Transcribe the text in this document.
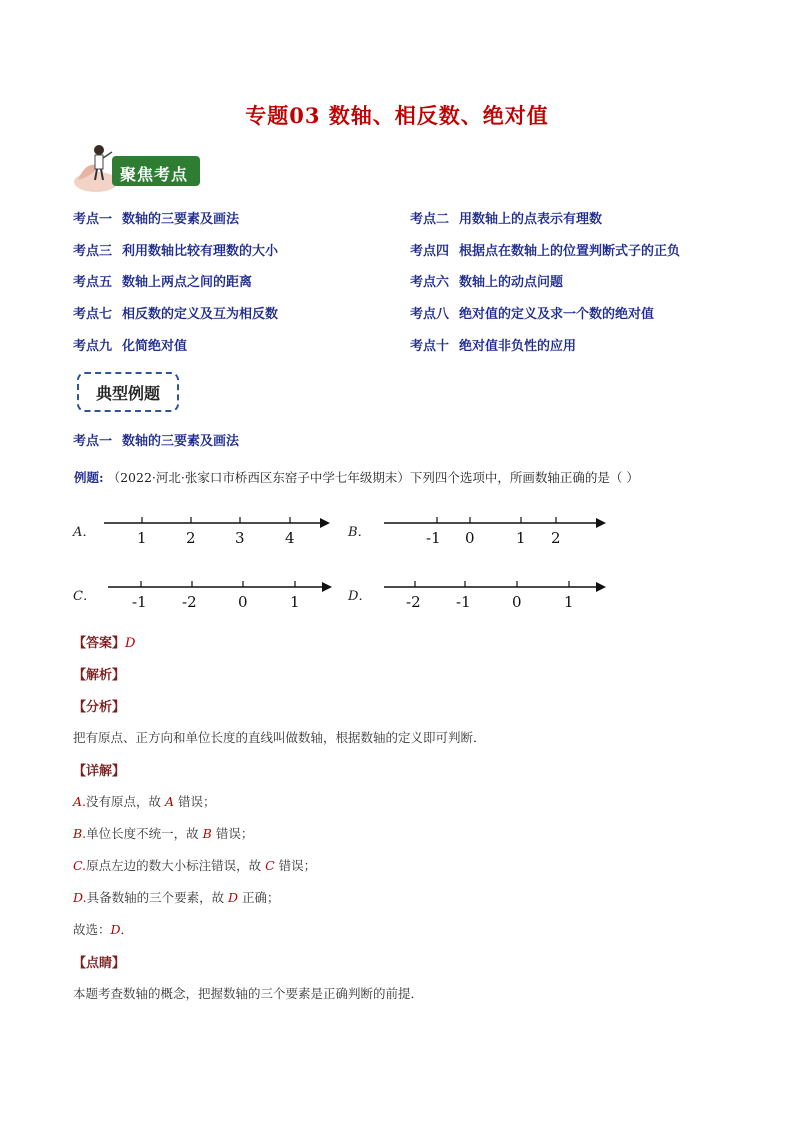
专题03 数轴、相反数、绝对值
聚焦考点
考点一 数轴的三要素及画法	考点二 用数轴上的点表示有理数
考点三 利用数轴比较有理数的大小	考点四 根据点在数轴上的位置判断式子的正负
考点五 数轴上两点之间的距离	考点六 数轴上的动点问题
考点七 相反数的定义及互为相反数	考点八 绝对值的定义及求一个数的绝对值
考点九 化简绝对值	考点十 绝对值非负性的应用
典型例题
考点一 数轴的三要素及画法
例题: （2022·河北·张家口市桥西区东窑子中学七年级期末）下列四个选项中，所画数轴正确的是（ ）
A．	1	2	3	4	B．	-1 0	1 2
C． -1 -2	0	1	D． -2 -1	0	1
【答案】D
【解析】
【分析】
把有原点、正方向和单位长度的直线叫做数轴，根据数轴的定义即可判断．
【详解】
A.没有原点，故 A 错误；
B.单位长度不统一，故 B 错误；
C.原点左边的数大小标注错误，故 C 错误；
D.具备数轴的三个要素，故 D 正确；
故选：D．
【点睛】
本题考查数轴的概念，把握数轴的三个要素是正确判断的前提．
